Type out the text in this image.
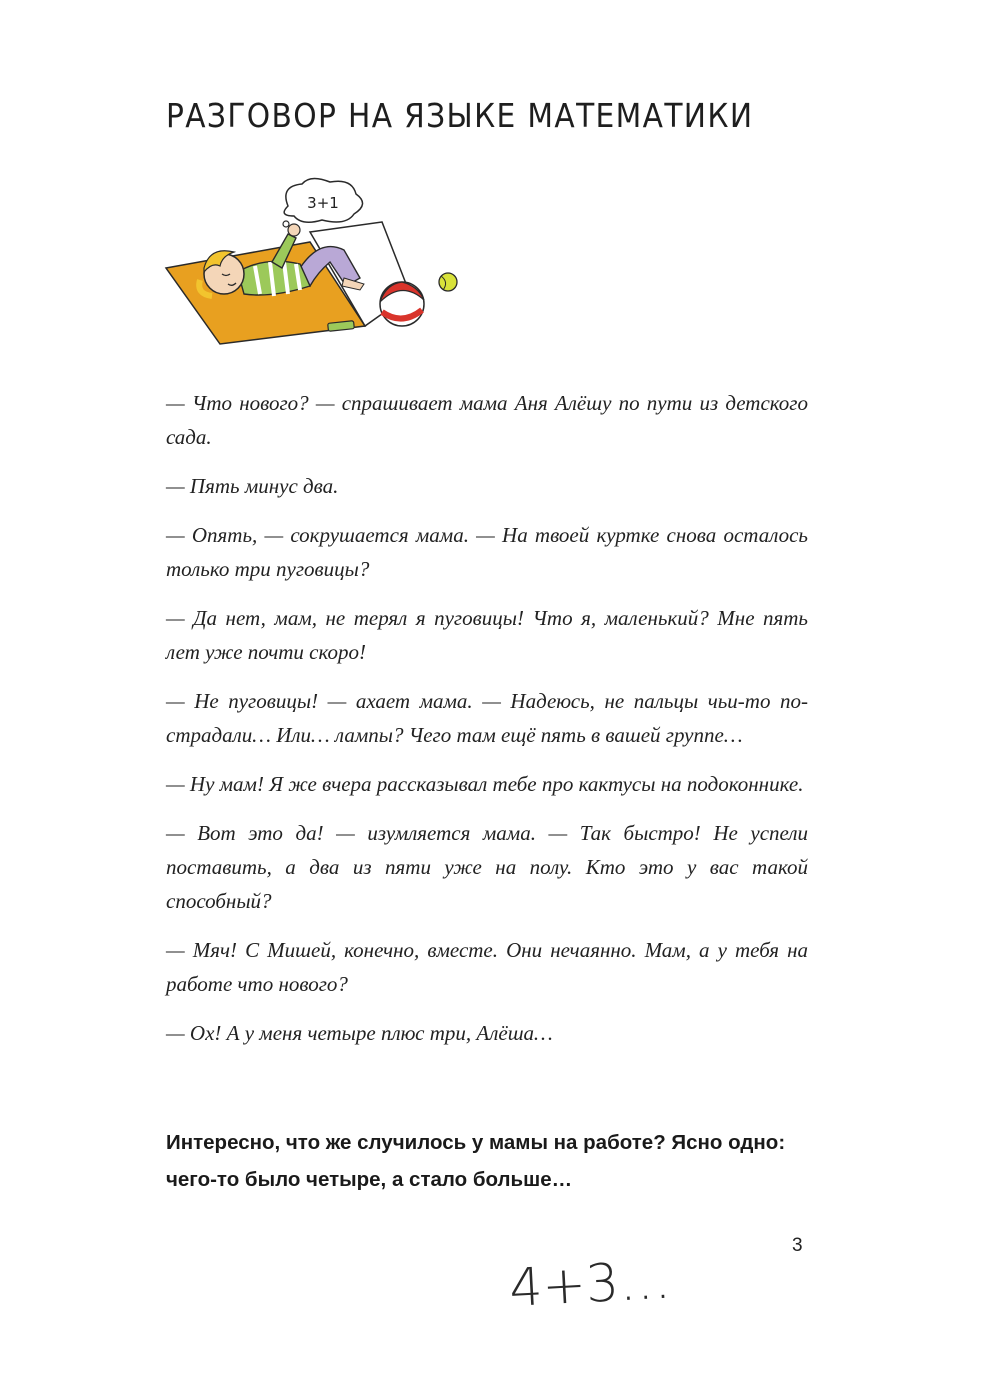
РАЗГОВОР НА ЯЗЫКЕ МАТЕМАТИКИ
3+1

— Что нового? — спрашивает мама Аня Алёшу по пути из детского сада.

— Пять минус два.

— Опять, — сокрушается мама. — На твоей куртке снова осталось только три пуговицы?

— Да нет, мам, не терял я пуговицы! Что я, маленький? Мне пять лет уже почти скоро!

— Не пуговицы! — ахает мама. — Надеюсь, не пальцы чьи-то пострадали… Или… лампы? Чего там ещё пять в вашей группе…

— Ну мам! Я же вчера рассказывал тебе про кактусы на подоконнике.

— Вот это да! — изумляется мама. — Так быстро! Не успели поставить, а два из пяти уже на полу. Кто это у вас такой способный?

— Мяч! С Мишей, конечно, вместе. Они нечаянно. Мам, а у тебя на работе что нового?

— Ох! А у меня четыре плюс три, Алёша…

Интересно, что же случилось у мамы на работе? Ясно одно: чего-то было четыре, а стало больше…
4+3…
3
